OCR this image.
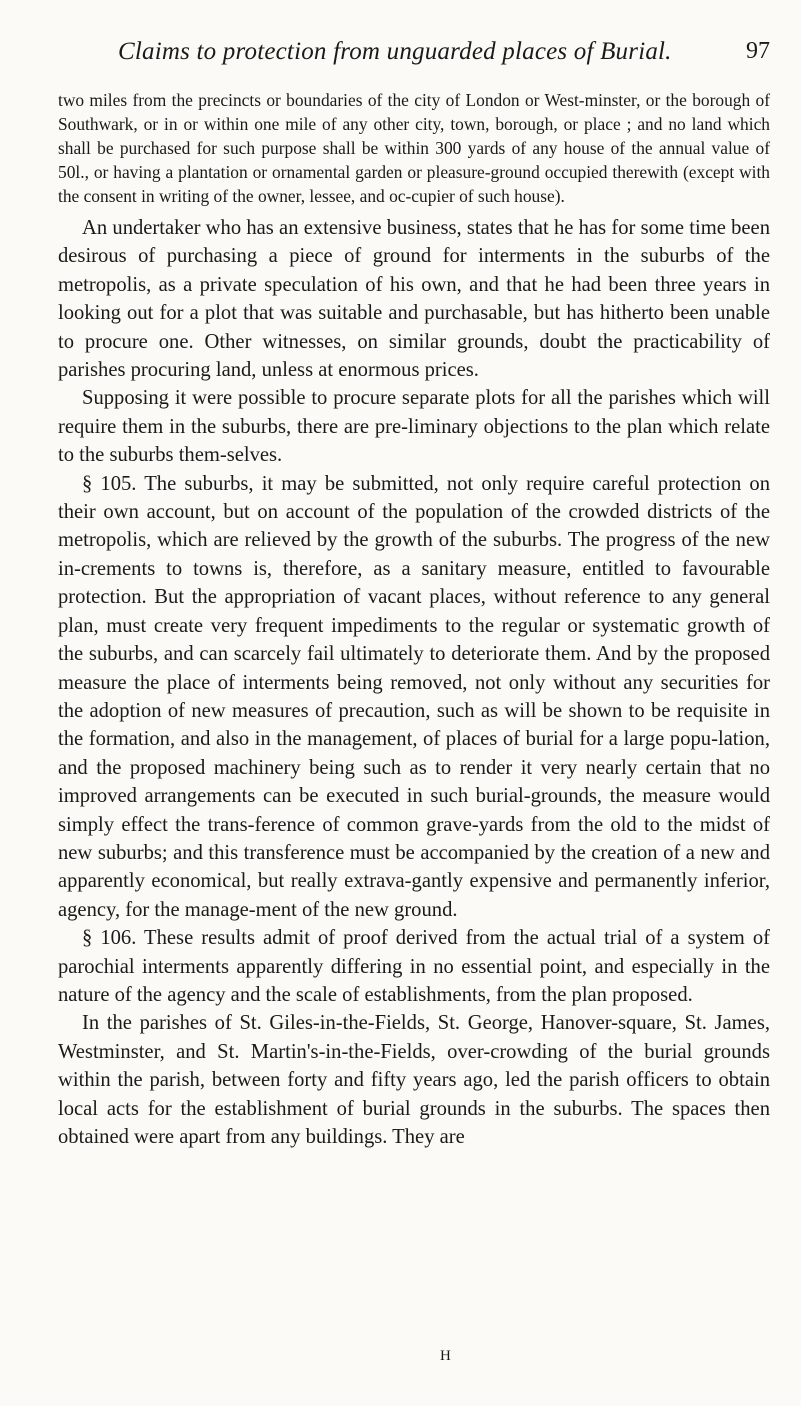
Claims to protection from unguarded places of Burial.	97

two miles from the precincts or boundaries of the city of London or West-minster, or the borough of Southwark, or in or within one mile of any other city, town, borough, or place ; and no land which shall be purchased for such purpose shall be within 300 yards of any house of the annual value of 50l., or having a plantation or ornamental garden or pleasure-ground occupied therewith (except with the consent in writing of the owner, lessee, and oc-cupier of such house).

An undertaker who has an extensive business, states that he has for some time been desirous of purchasing a piece of ground for interments in the suburbs of the metropolis, as a private speculation of his own, and that he had been three years in looking out for a plot that was suitable and purchasable, but has hitherto been unable to procure one. Other witnesses, on similar grounds, doubt the practicability of parishes procuring land, unless at enormous prices.

Supposing it were possible to procure separate plots for all the parishes which will require them in the suburbs, there are pre-liminary objections to the plan which relate to the suburbs them-selves.

§ 105. The suburbs, it may be submitted, not only require careful protection on their own account, but on account of the population of the crowded districts of the metropolis, which are relieved by the growth of the suburbs. The progress of the new in-crements to towns is, therefore, as a sanitary measure, entitled to favourable protection. But the appropriation of vacant places, without reference to any general plan, must create very frequent impediments to the regular or systematic growth of the suburbs, and can scarcely fail ultimately to deteriorate them. And by the proposed measure the place of interments being removed, not only without any securities for the adoption of new measures of precaution, such as will be shown to be requisite in the formation, and also in the management, of places of burial for a large popu-lation, and the proposed machinery being such as to render it very nearly certain that no improved arrangements can be executed in such burial-grounds, the measure would simply effect the trans-ference of common grave-yards from the old to the midst of new suburbs; and this transference must be accompanied by the creation of a new and apparently economical, but really extrava-gantly expensive and permanently inferior, agency, for the manage-ment of the new ground.

§ 106. These results admit of proof derived from the actual trial of a system of parochial interments apparently differing in no essential point, and especially in the nature of the agency and the scale of establishments, from the plan proposed.

In the parishes of St. Giles-in-the-Fields, St. George, Hanover-square, St. James, Westminster, and St. Martin's-in-the-Fields, over-crowding of the burial grounds within the parish, between forty and fifty years ago, led the parish officers to obtain local acts for the establishment of burial grounds in the suburbs. The spaces then obtained were apart from any buildings. They are

H
